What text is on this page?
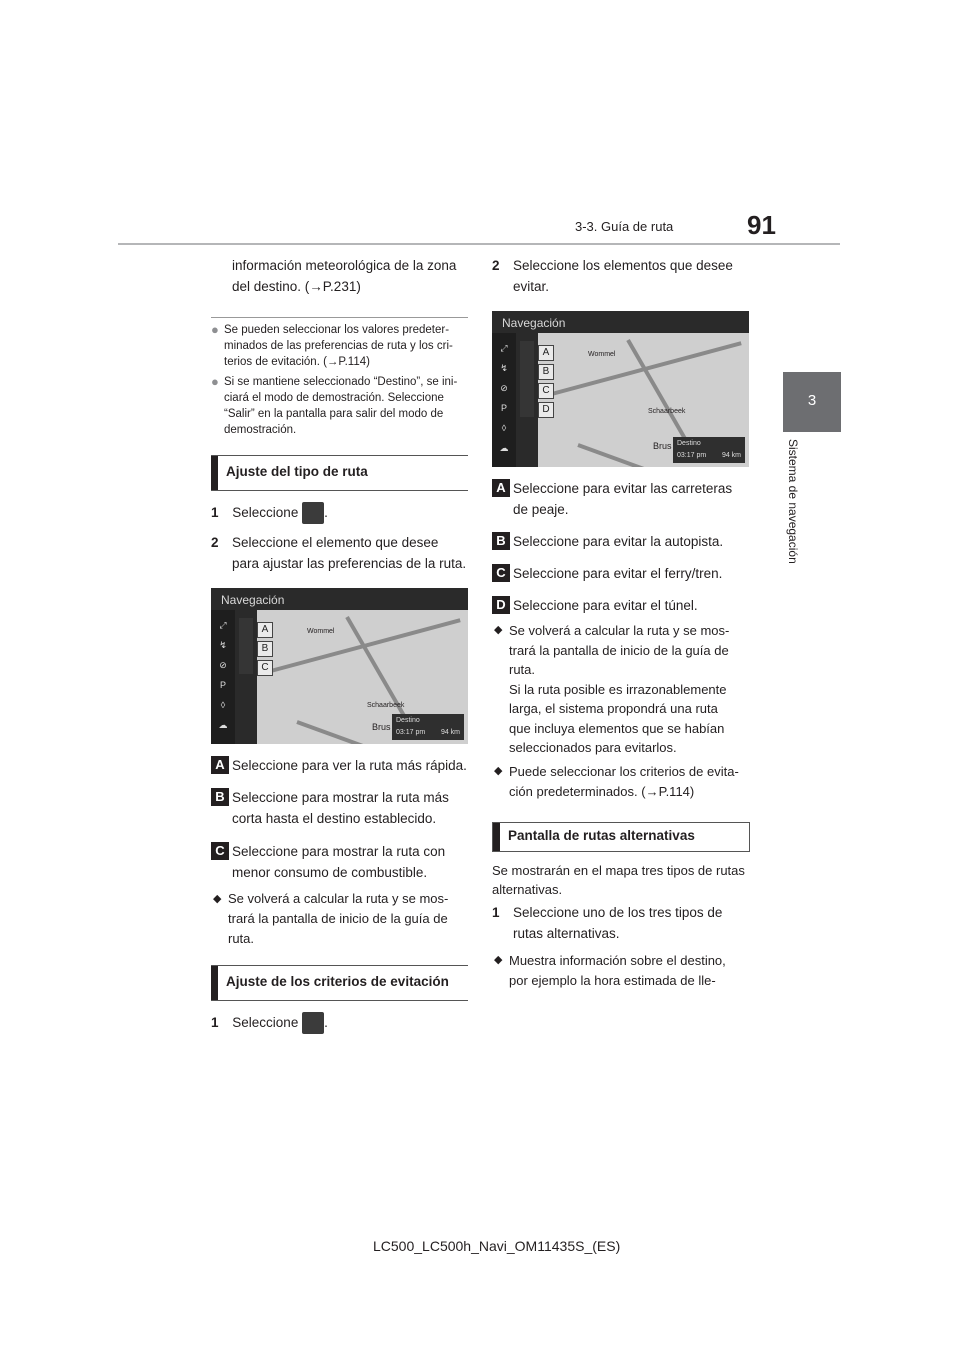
3-3. Guía de ruta	91
3
Sistema de navegación
información meteorológica de la zona
del destino. (→P.231)
● Se pueden seleccionar los valores predeter-
minados de las preferencias de ruta y los cri-
terios de evitación. (→P.114)
● Si se mantiene seleccionado “Destino”, se ini-
ciará el modo de demostración. Seleccione
“Salir” en la pantalla para salir del modo de
demostración.
Ajuste del tipo de ruta
1 Seleccione .
2 Seleccione el elemento que desee
para ajustar las preferencias de la ruta.
Navegación
⤢
↯
⊘
P
◊
☁
Wommel
Schaarbeek
Brus
A
B
C
Destino
03:17 pm 94 km
A Seleccione para ver la ruta más rápida.
B Seleccione para mostrar la ruta más
corta hasta el destino establecido.
C Seleccione para mostrar la ruta con
menor consumo de combustible.
◆ Se volverá a calcular la ruta y se mos-
trará la pantalla de inicio de la guía de
ruta.
Ajuste de los criterios de evitación
1 Seleccione .
2 Seleccione los elementos que desee
evitar.
Navegación
⤢
↯
⊘
P
◊
☁
Wommel
Schaarbeek
Brus
A
B
C
D
Destino
03:17 pm 94 km
A Seleccione para evitar las carreteras
de peaje.
B Seleccione para evitar la autopista.
C Seleccione para evitar el ferry/tren.
D Seleccione para evitar el túnel.
◆ Se volverá a calcular la ruta y se mos-
trará la pantalla de inicio de la guía de
ruta.
Si la ruta posible es irrazonablemente
larga, el sistema propondrá una ruta
que incluya elementos que se habían
seleccionados para evitarlos.
◆ Puede seleccionar los criterios de evita-
ción predeterminados. (→P.114)
Pantalla de rutas alternativas
Se mostrarán en el mapa tres tipos de rutas
alternativas.
1 Seleccione uno de los tres tipos de
rutas alternativas.
◆ Muestra información sobre el destino,
por ejemplo la hora estimada de lle-
LC500_LC500h_Navi_OM11435S_(ES)
